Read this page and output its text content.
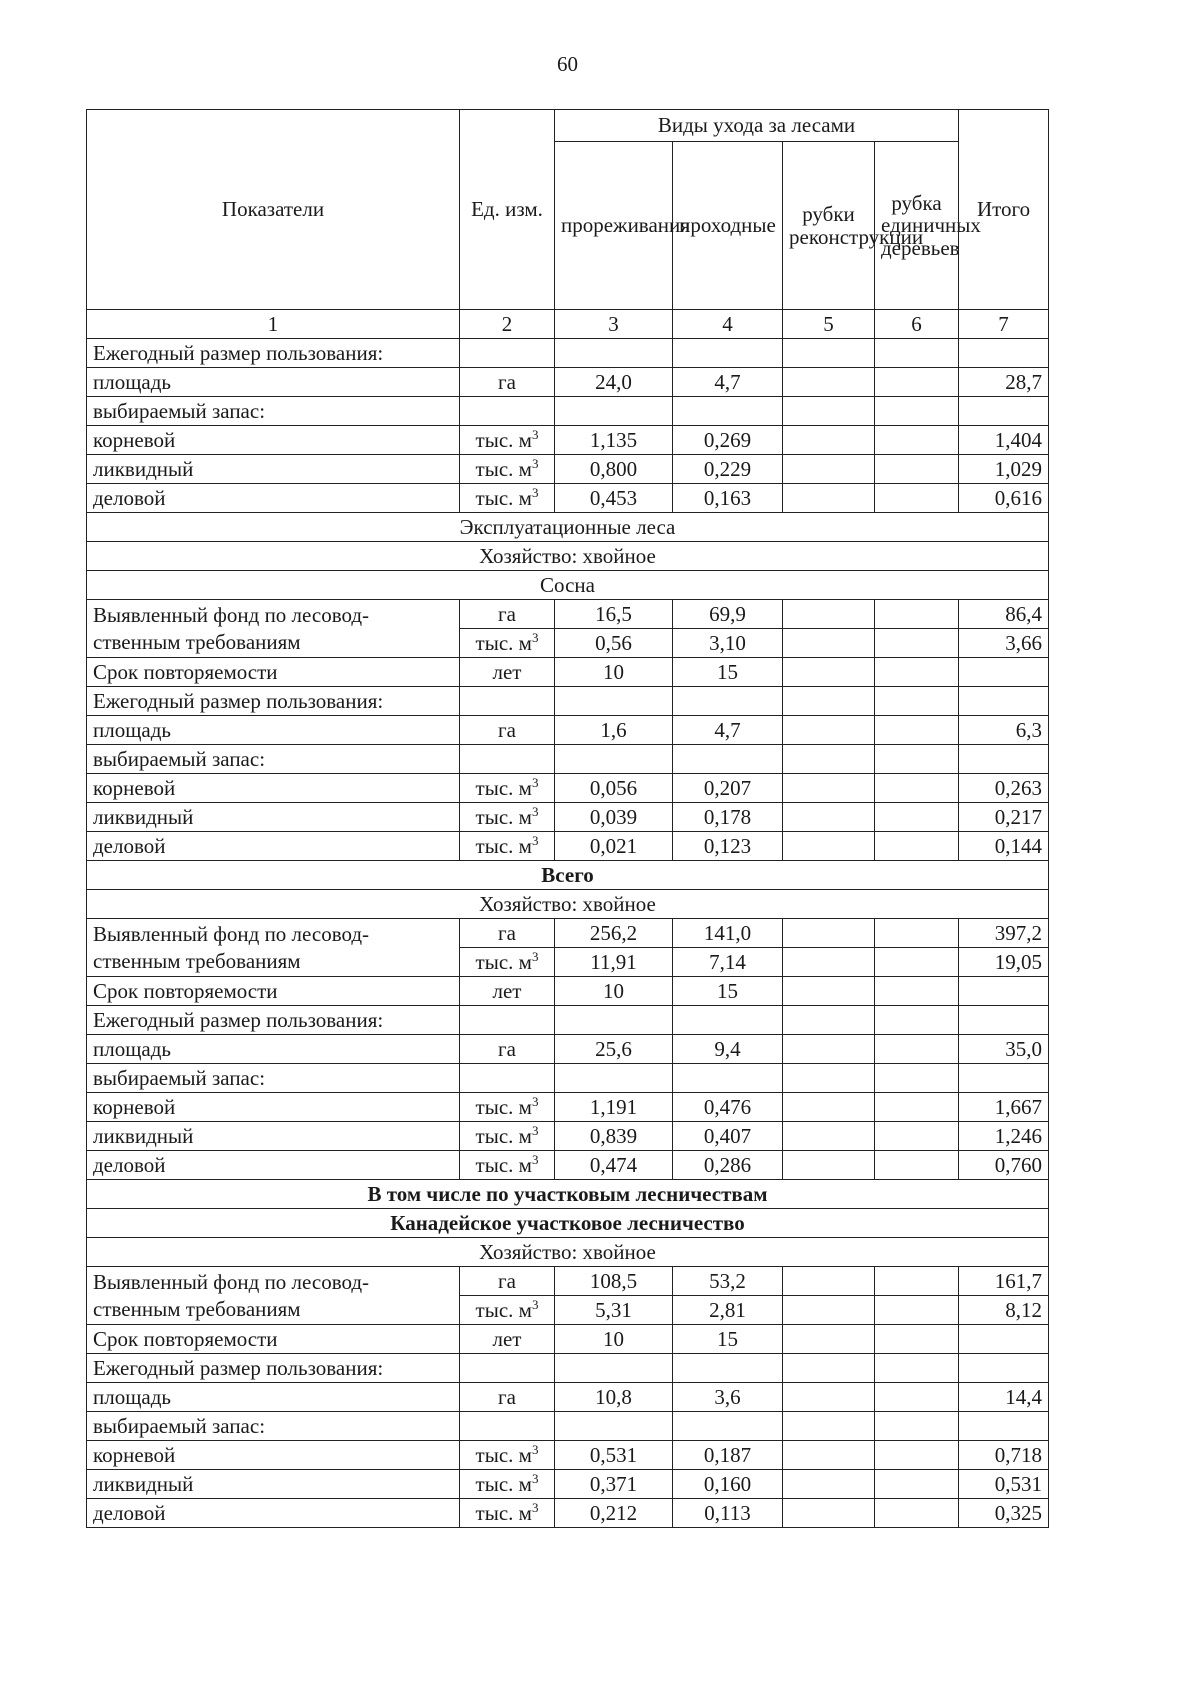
60
Показатели	Ед. изм.	Виды ухода за лесами				Итого
		прореживания	проходные	рубки реконструкции	рубка единичных деревьев	
1	2	3	4	5	6	7
Ежегодный размер пользования:						
площадь	га	24,0	4,7			28,7
выбираемый запас:						
корневой	тыс. $м^3$	1,135	0,269			1,404
ликвидный	тыс. $м^3$	0,800	0,229			1,029
деловой	тыс. $м^3$	0,453	0,163			0,616
Эксплуатационные леса						
Хозяйство: хвойное						
Сосна						
Выявленный фонд по лесовод-ственным требованиям	га	16,5	69,9			86,4
	тыс. $м^3$	0,56	3,10			3,66
Срок повторяемости	лет	10	15			
Ежегодный размер пользования:						
площадь	га	1,6	4,7			6,3
выбираемый запас:						
корневой	тыс. $м^3$	0,056	0,207			0,263
ликвидный	тыс. $м^3$	0,039	0,178			0,217
деловой	тыс. $м^3$	0,021	0,123			0,144
Всего						
Хозяйство: хвойное						
Выявленный фонд по лесовод-ственным требованиям	га	256,2	141,0			397,2
	тыс. $м^3$	11,91	7,14			19,05
Срок повторяемости	лет	10	15			
Ежегодный размер пользования:						
площадь	га	25,6	9,4			35,0
выбираемый запас:						
корневой	тыс. $м^3$	1,191	0,476			1,667
ликвидный	тыс. $м^3$	0,839	0,407			1,246
деловой	тыс. $м^3$	0,474	0,286			0,760
В том числе по участковым лесничествам						
Канадейское участковое лесничество						
Хозяйство: хвойное						
Выявленный фонд по лесовод-ственным требованиям	га	108,5	53,2			161,7
	тыс. $м^3$	5,31	2,81			8,12
Срок повторяемости	лет	10	15			
Ежегодный размер пользования:						
площадь	га	10,8	3,6			14,4
выбираемый запас:						
корневой	тыс. $м^3$	0,531	0,187			0,718
ликвидный	тыс. $м^3$	0,371	0,160			0,531
деловой	тыс. $м^3$	0,212	0,113			0,325
